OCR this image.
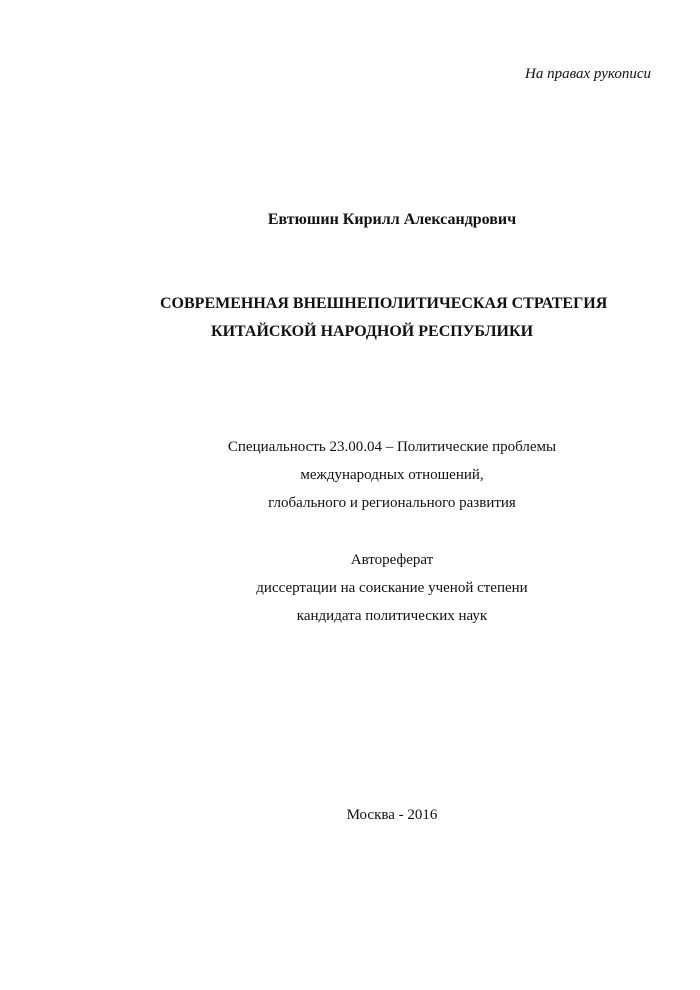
На правах рукописи
Евтюшин Кирилл Александрович
СОВРЕМЕННАЯ ВНЕШНЕПОЛИТИЧЕСКАЯ СТРАТЕГИЯ
КИТАЙСКОЙ НАРОДНОЙ РЕСПУБЛИКИ
Специальность 23.00.04 – Политические проблемы
международных отношений,
глобального и регионального развития
Автореферат
диссертации на соискание ученой степени
кандидата политических наук
Москва - 2016
